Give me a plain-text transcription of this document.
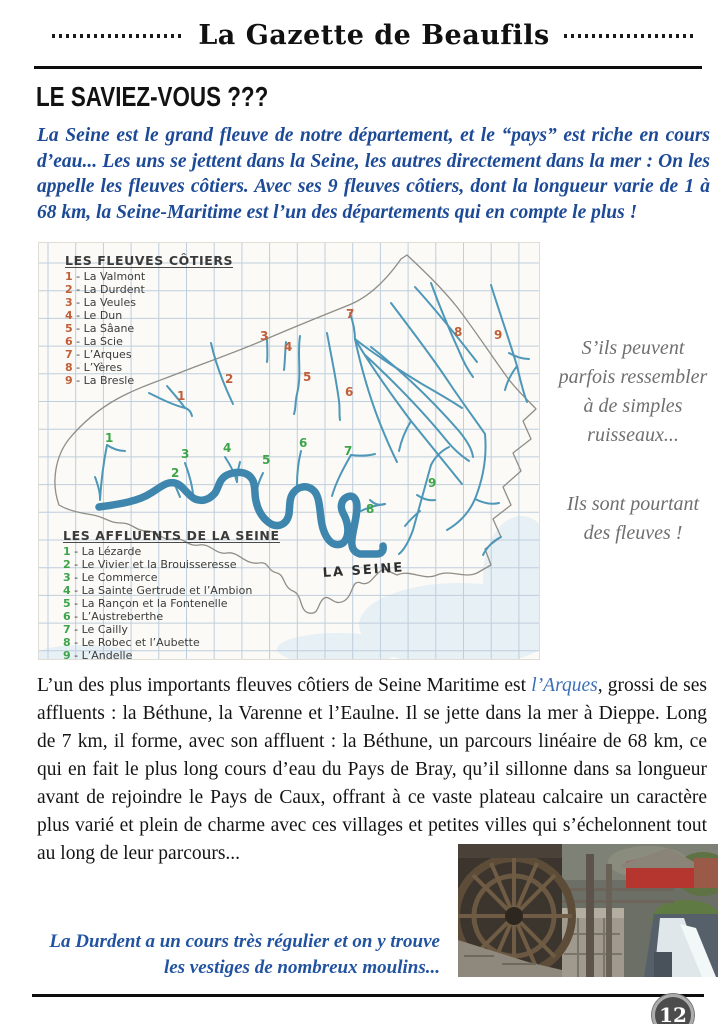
La Gazette de Beaufils
LE SAVIEZ-VOUS ???

La Seine est le grand fleuve de notre département, et le “pays” est riche en cours d’eau... Les uns se jettent dans la Seine, les autres directement dans la mer : On les appelle les fleuves côtiers. Avec ses 9 fleuves côtiers, dont la longueur varie de 1 à 68 km, la Seine-Maritime est l’un des départements qui en compte le plus !

LA SEINE
1
2
3
4
5
6
7
8	9
1
2
3	4
5
6
7
8
9
LES FLEUVES CÔTIERS
1 - La Valmont
2 - La Durdent
3 - La Veules
4 - Le Dun
5 - La Sâane
6 - La Scie
7 - L’Arques
8 - L’Yères
9 - La Bresle
LES AFFLUENTS DE LA SEINE
1 - La Lézarde
2 - Le Vivier et la Brouisseresse
3 - Le Commerce
4 - La Sainte Gertrude et l’Ambion
5 - La Rançon et la Fontenelle
6 - L’Austreberthe
7 - Le Cailly
8 - Le Robec et l’Aubette
9 - L’Andelle

S’ils peuvent parfois ressembler à de simples ruisseaux...

Ils sont pourtant des fleuves !

L’un des plus importants fleuves côtiers de Seine Maritime est l’Arques, grossi de ses affluents : la Béthune, la Varenne et l’Eaulne. Il se jette dans la mer à Dieppe. Long de 7 km, il forme, avec son affluent : la Béthune, un parcours linéaire de 68 km, ce qui en fait le plus long cours d’eau du Pays de Bray, qu’il sillonne dans sa longueur avant de rejoindre le Pays de Caux, offrant à ce vaste plateau calcaire un caractère plus varié et plein de charme avec ces villages et petites villes qui s’échelonnent tout au long de leur parcours...

La Durdent a un cours très régulier et on y trouve les vestiges de nombreux moulins...

12
